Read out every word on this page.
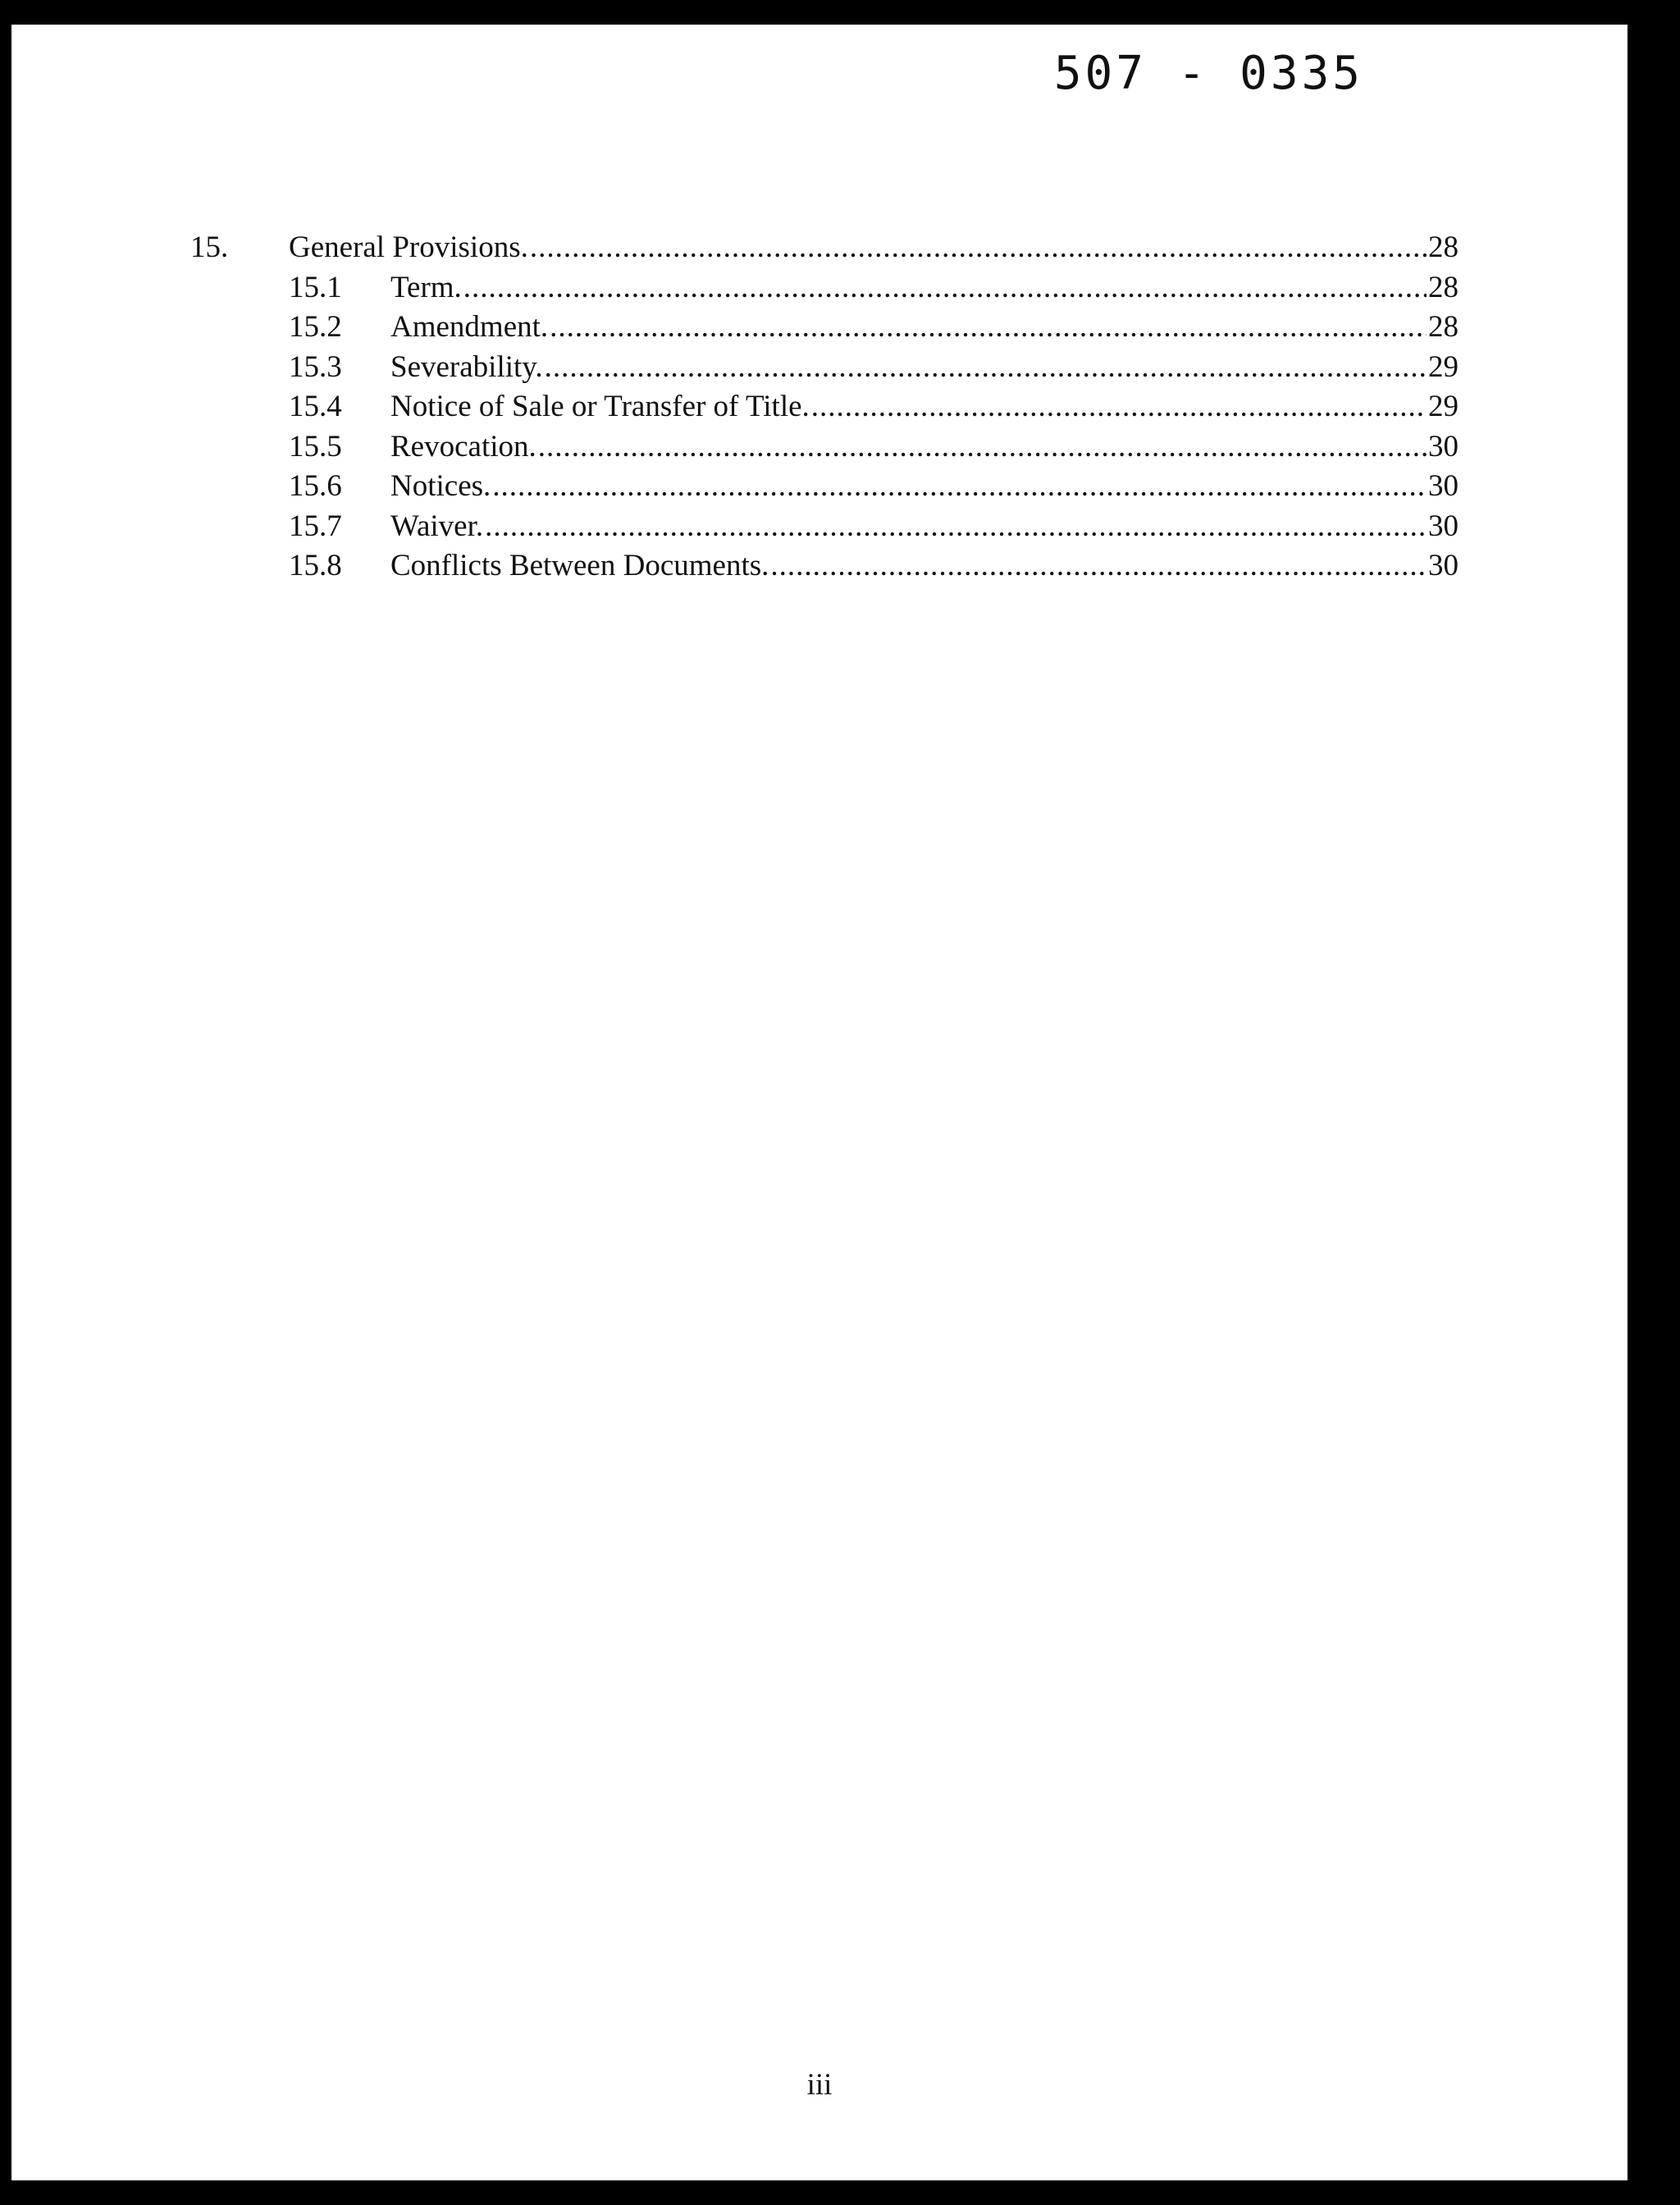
507 - 0335
15.	General Provisions. .....	28
15.1	Term. .....	28
15.2	Amendment. .....	28
15.3	Severability. .....	29
15.4	Notice of Sale or Transfer of Title. .....	29
15.5	Revocation. .....	30
15.6	Notices. .....	30
15.7	Waiver. .....	30
15.8	Conflicts Between Documents. .....	30
iii
